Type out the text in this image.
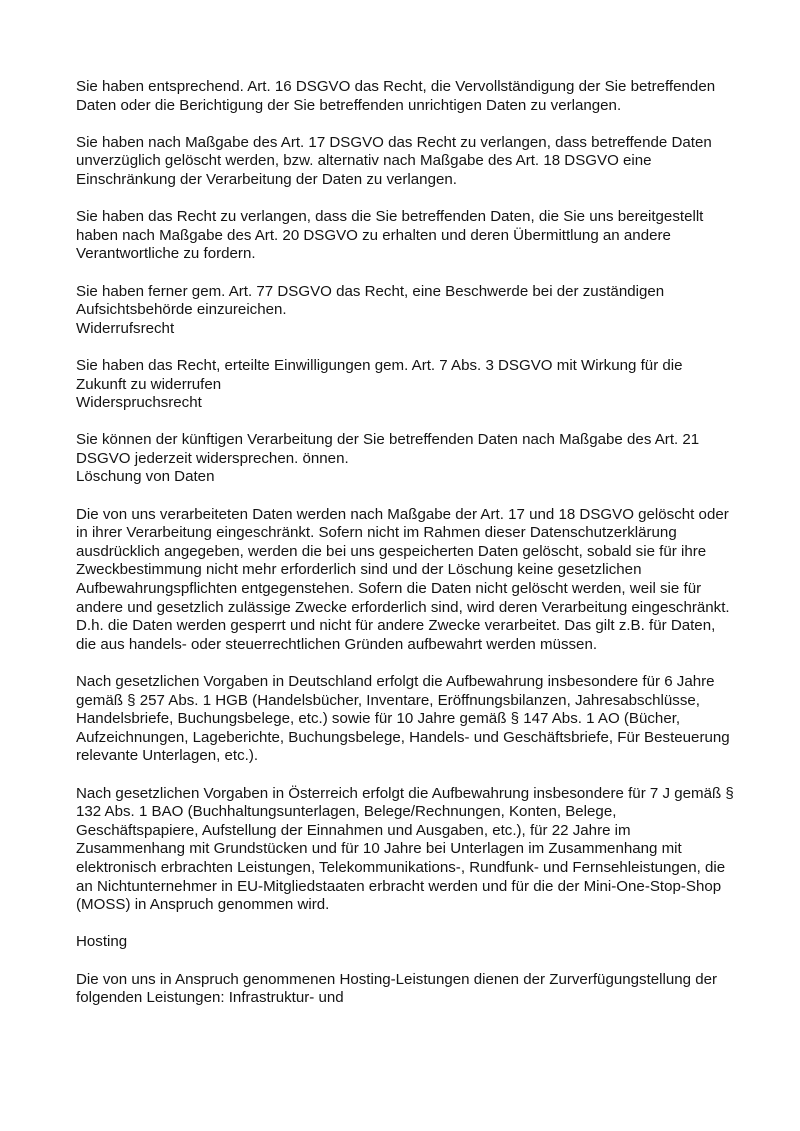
Sie haben entsprechend. Art. 16 DSGVO das Recht, die Vervollständigung der Sie betreffenden Daten oder die Berichtigung der Sie betreffenden unrichtigen Daten zu verlangen.

Sie haben nach Maßgabe des Art. 17 DSGVO das Recht zu verlangen, dass betreffende Daten unverzüglich gelöscht werden, bzw. alternativ nach Maßgabe des Art. 18 DSGVO eine Einschränkung der Verarbeitung der Daten zu verlangen.

Sie haben das Recht zu verlangen, dass die Sie betreffenden Daten, die Sie uns bereitgestellt haben nach Maßgabe des Art. 20 DSGVO zu erhalten und deren Übermittlung an andere Verantwortliche zu fordern.

Sie haben ferner gem. Art. 77 DSGVO das Recht, eine Beschwerde bei der zuständigen Aufsichtsbehörde einzureichen.

Widerrufsrecht

Sie haben das Recht, erteilte Einwilligungen gem. Art. 7 Abs. 3 DSGVO mit Wirkung für die Zukunft zu widerrufen

Widerspruchsrecht

Sie können der künftigen Verarbeitung der Sie betreffenden Daten nach Maßgabe des Art. 21 DSGVO jederzeit widersprechen. önnen.

Löschung von Daten

Die von uns verarbeiteten Daten werden nach Maßgabe der Art. 17 und 18 DSGVO gelöscht oder in ihrer Verarbeitung eingeschränkt. Sofern nicht im Rahmen dieser Datenschutzerklärung ausdrücklich angegeben, werden die bei uns gespeicherten Daten gelöscht, sobald sie für ihre Zweckbestimmung nicht mehr erforderlich sind und der Löschung keine gesetzlichen Aufbewahrungspflichten entgegenstehen. Sofern die Daten nicht gelöscht werden, weil sie für andere und gesetzlich zulässige Zwecke erforderlich sind, wird deren Verarbeitung eingeschränkt. D.h. die Daten werden gesperrt und nicht für andere Zwecke verarbeitet. Das gilt z.B. für Daten, die aus handels- oder steuerrechtlichen Gründen aufbewahrt werden müssen.

Nach gesetzlichen Vorgaben in Deutschland erfolgt die Aufbewahrung insbesondere für 6 Jahre gemäß § 257 Abs. 1 HGB (Handelsbücher, Inventare, Eröffnungsbilanzen, Jahresabschlüsse, Handelsbriefe, Buchungsbelege, etc.) sowie für 10 Jahre gemäß § 147 Abs. 1 AO (Bücher, Aufzeichnungen, Lageberichte, Buchungsbelege, Handels- und Geschäftsbriefe, Für Besteuerung relevante Unterlagen, etc.).

Nach gesetzlichen Vorgaben in Österreich erfolgt die Aufbewahrung insbesondere für 7 J gemäß § 132 Abs. 1 BAO (Buchhaltungsunterlagen, Belege/Rechnungen, Konten, Belege, Geschäftspapiere, Aufstellung der Einnahmen und Ausgaben, etc.), für 22 Jahre im Zusammenhang mit Grundstücken und für 10 Jahre bei Unterlagen im Zusammenhang mit elektronisch erbrachten Leistungen, Telekommunikations-, Rundfunk- und Fernsehleistungen, die an Nichtunternehmer in EU-Mitgliedstaaten erbracht werden und für die der Mini-One-Stop-Shop (MOSS) in Anspruch genommen wird.

Hosting

Die von uns in Anspruch genommenen Hosting-Leistungen dienen der Zurverfügungstellung der folgenden Leistungen: Infrastruktur- und
